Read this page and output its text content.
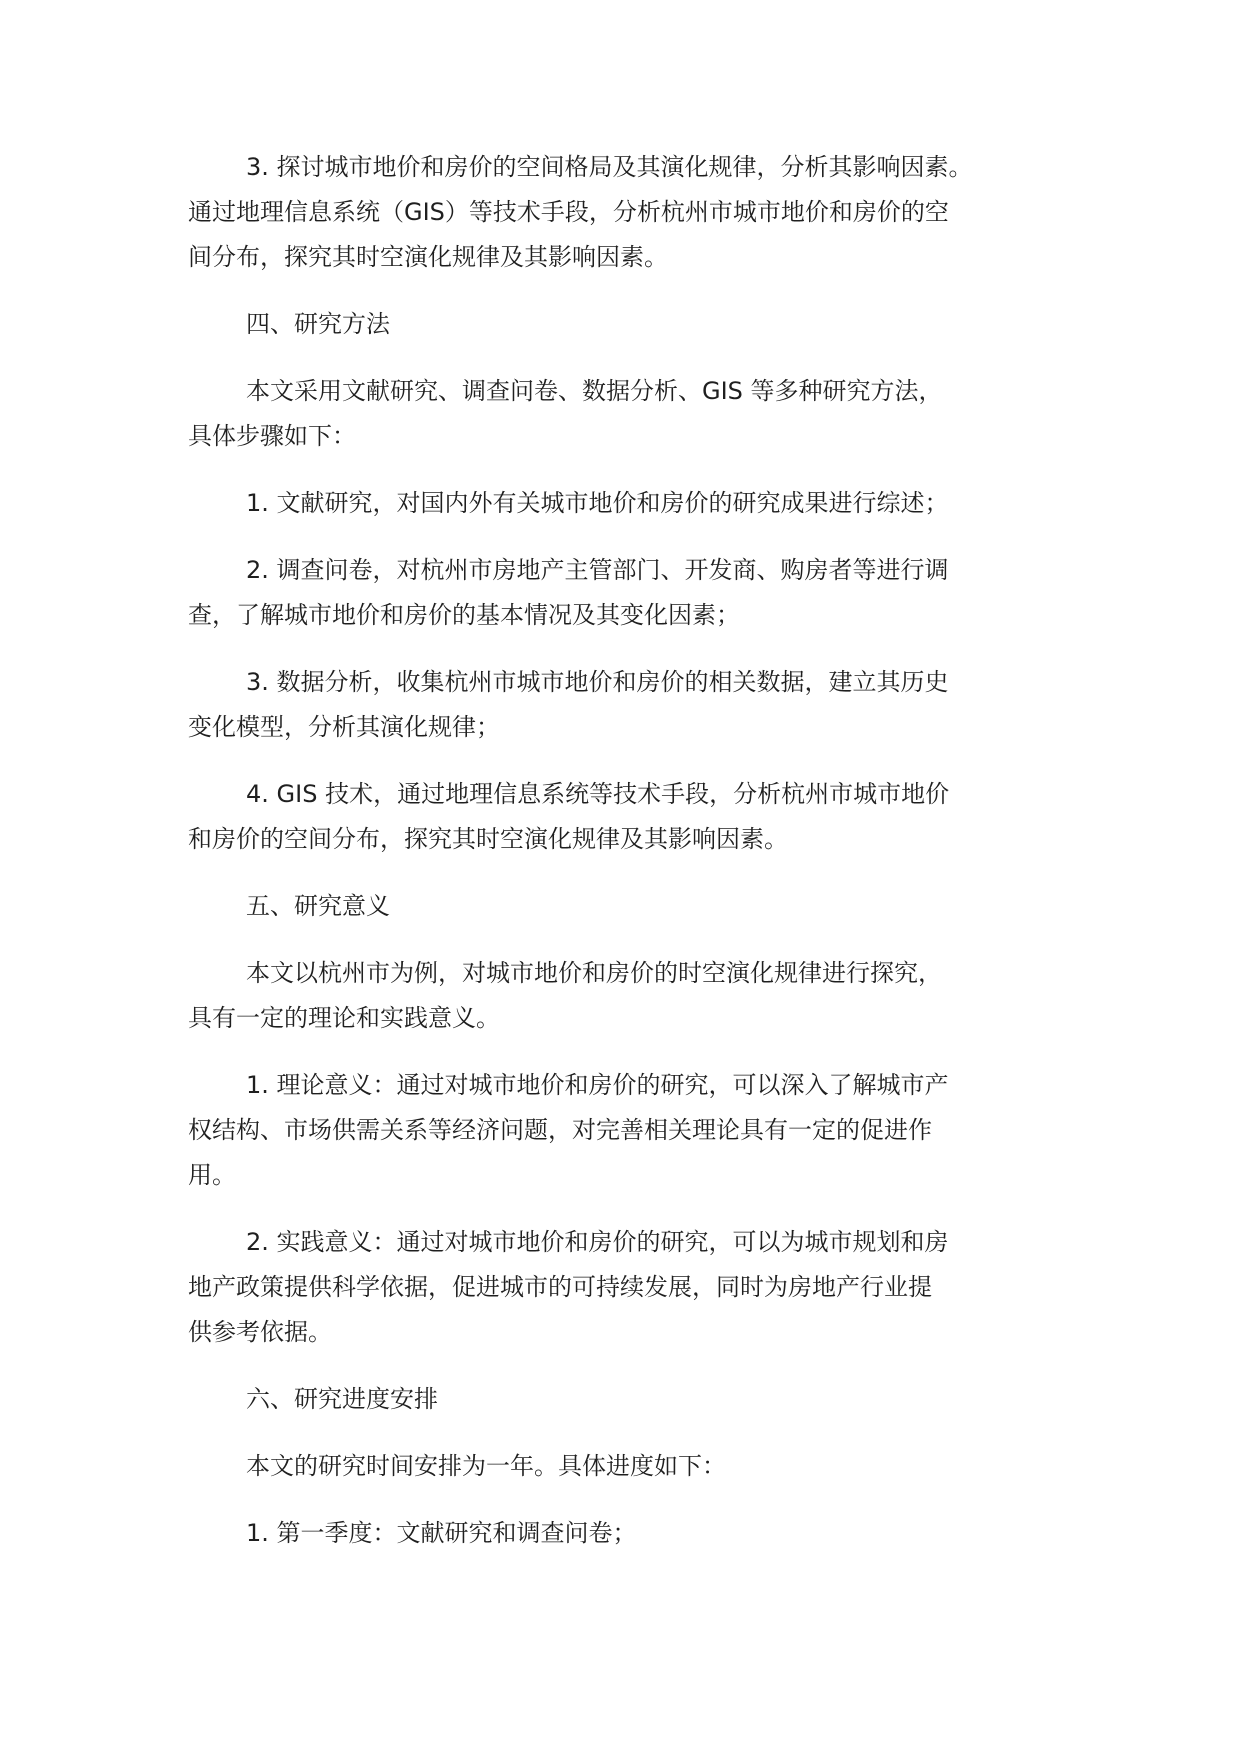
3. 探讨城市地价和房价的空间格局及其演化规律，分析其影响因素。
通过地理信息系统（GIS）等技术手段，分析杭州市城市地价和房价的空
间分布，探究其时空演化规律及其影响因素。

四、研究方法

本文采用文献研究、调查问卷、数据分析、GIS 等多种研究方法，
具体步骤如下：

1. 文献研究，对国内外有关城市地价和房价的研究成果进行综述；

2. 调查问卷，对杭州市房地产主管部门、开发商、购房者等进行调
查，了解城市地价和房价的基本情况及其变化因素；

3. 数据分析，收集杭州市城市地价和房价的相关数据，建立其历史
变化模型，分析其演化规律；

4. GIS 技术，通过地理信息系统等技术手段，分析杭州市城市地价
和房价的空间分布，探究其时空演化规律及其影响因素。

五、研究意义

本文以杭州市为例，对城市地价和房价的时空演化规律进行探究，
具有一定的理论和实践意义。

1. 理论意义：通过对城市地价和房价的研究，可以深入了解城市产
权结构、市场供需关系等经济问题，对完善相关理论具有一定的促进作
用。

2. 实践意义：通过对城市地价和房价的研究，可以为城市规划和房
地产政策提供科学依据，促进城市的可持续发展，同时为房地产行业提
供参考依据。

六、研究进度安排

本文的研究时间安排为一年。具体进度如下：

1. 第一季度：文献研究和调查问卷；
